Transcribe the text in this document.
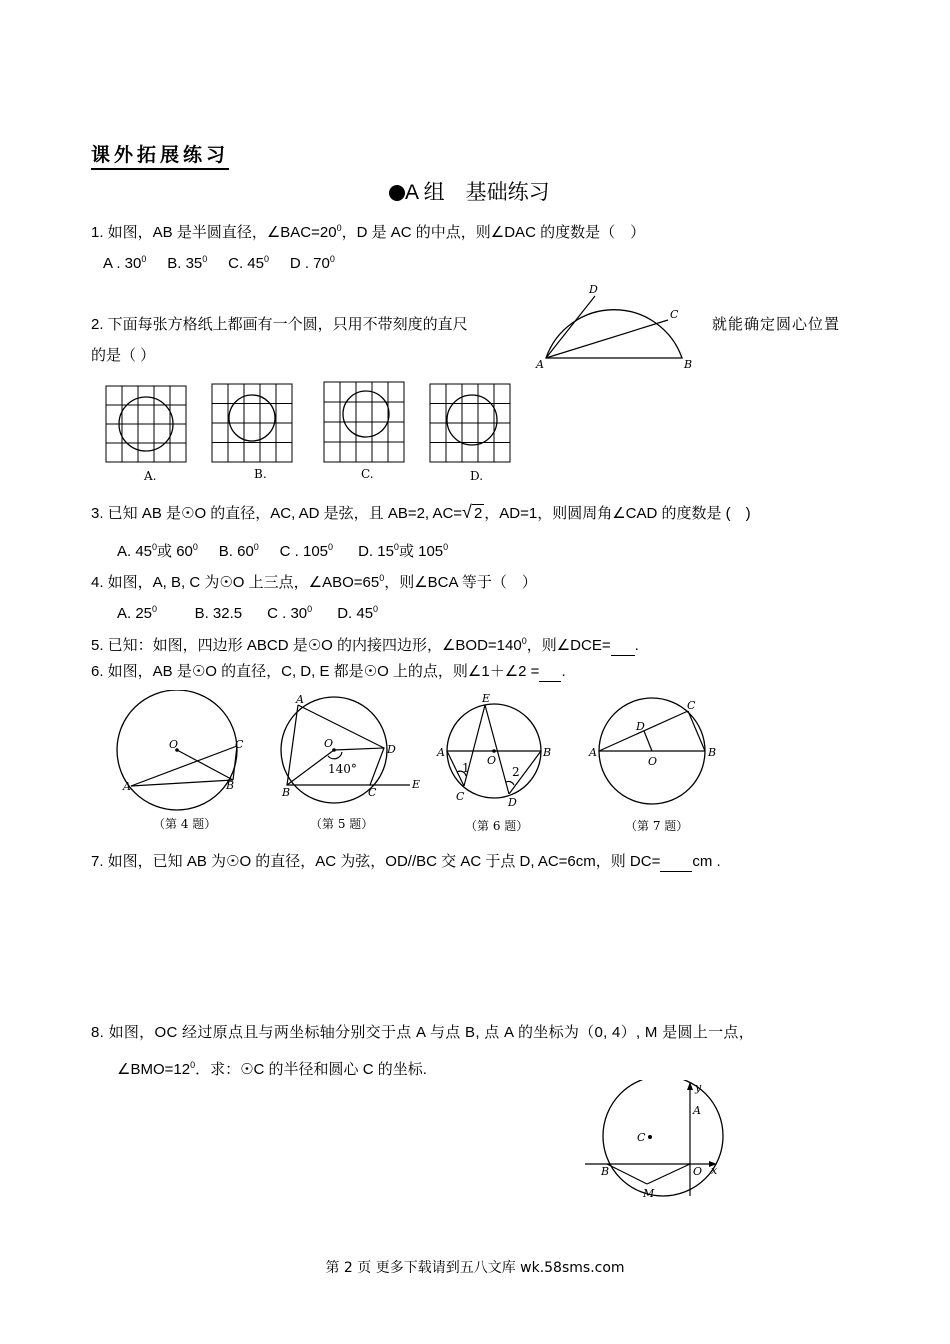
课外拓展练习
A 组　基础练习
1. 如图，AB 是半圆直径，$\angle BAC=20^0$，D 是 AC 的中点，则∠DAC 的度数是（　）
A . $30^0$ B. $35^0$ C. $45^0$ D . $70^0$
A	B
C
D
2. 下面每张方格纸上都画有一个圆，只用不带刻度的直尺	就能确定圆心位置
的是（ ）
A.	B.	C.	D.
3. 已知 AB 是☉O 的直径，AC, AD 是弦，且 AB=2, AC=√ 2 ，AD=1，则圆周角∠CAD 的度数是 (　)
A. $45^0$或 $60^0$ B. $60^0$ C . $105^0$ D. $15^0$或 $105^0$
4. 如图，A, B, C 为☉O 上三点，$\angle ABO=65^0$，则∠BCA 等于（　）
A. $25^0$	B. 32.5 C . $30^0$ D. $45^0$
5. 已知：如图，四边形 ABCD 是☉O 的内接四边形，$\angle BOD=140^0$，则∠DCE= .
6. 如图，AB 是☉O 的直径，C, D, E 都是☉O 上的点，则∠1＋∠2 = .
O	C
A	B
（第 4 题）
A
O	D
B	C
E
140°
（第 5 题）
E
A	B
O
C	D
1	2
（第 6 题）
C
D
A	B
O
（第 7 题）
7. 如图，已知 AB 为☉O 的直径，AC 为弦，OD//BC 交 AC 于点 D, AC=6cm，则 DC= cm .
8. 如图，OC 经过原点且与两坐标轴分别交于点 A 与点 B, 点 A 的坐标为（0, 4）, M 是圆上一点，
$\angle BMO=12^0$．求：☉C 的半径和圆心 C 的坐标.
y
A
C
B	O x
M
第 2 页 更多下载请到五八文库 wk.58sms.com
